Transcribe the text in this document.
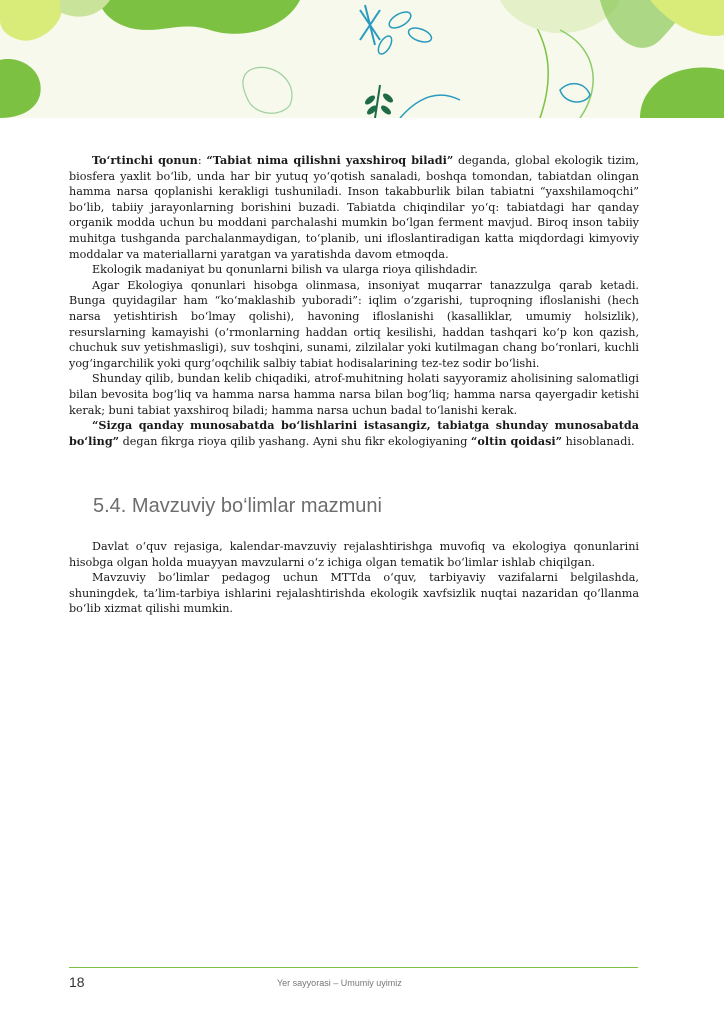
To‘rtinchi qonun: “Tabiat nima qilishni yaxshiroq biladi” deganda, global ekologik tizim, biosfera yaxlit bo‘lib, unda har bir yutuq yo‘qotish sanaladi, boshqa tomondan, tabiatdan olingan hamma narsa qoplanishi kerakligi tushuniladi. Inson takabburlik bilan tabiatni “yaxshilamoqchi” bo‘lib, tabiiy jarayonlarning borishini buzadi. Tabiatda chiqindilar yo‘q: tabiatdagi har qanday organik modda uchun bu moddani parchalashi mumkin bo‘lgan ferment mavjud. Biroq inson tabiiy muhitga tushganda parchalanmaydigan, to‘planib, uni ifloslantiradigan katta miqdordagi kimyoviy moddalar va materiallarni yaratgan va yaratishda davom etmoqda.

Ekologik madaniyat bu qonunlarni bilish va ularga rioya qilishdadir.

Agar Ekologiya qonunlari hisobga olinmasa, insoniyat muqarrar tanazzulga qarab ketadi. Bunga quyidagilar ham “ko‘maklashib yuboradi”: iqlim o‘zgarishi, tuproqning ifloslanishi (hech narsa yetishtirish bo‘lmay qolishi), havoning ifloslanishi (kasalliklar, umumiy holsizlik), resurslarning kamayishi (o‘rmonlarning haddan ortiq kesilishi, haddan tashqari ko‘p kon qazish, chuchuk suv yetishmasligi), suv toshqini, sunami, zilzilalar yoki kutilmagan chang bo‘ronlari, kuchli yog‘ingarchilik yoki qurg‘oqchilik salbiy tabiat hodisalarining tez-tez sodir bo‘lishi.

Shunday qilib, bundan kelib chiqadiki, atrof-muhitning holati sayyoramiz aholisining salomatligi bilan bevosita bog‘liq va hamma narsa hamma narsa bilan bog‘liq; hamma narsa qayergadir ketishi kerak; buni tabiat yaxshiroq biladi; hamma narsa uchun badal to‘lanishi kerak.

“Sizga qanday munosabatda bo‘lishlarini istasangiz, tabiatga shunday munosabatda bo‘ling” degan fikrga rioya qilib yashang. Ayni shu fikr ekologiyaning “oltin qoidasi” hisoblanadi.

5.4. Mavzuviy bo‘limlar mazmuni

Davlat o‘quv rejasiga, kalendar-mavzuviy rejalashtirishga muvofiq va ekologiya qonunlarini hisobga olgan holda muayyan mavzularni o‘z ichiga olgan tematik bo‘limlar ishlab chiqilgan.

Mavzuviy bo‘limlar pedagog uchun MTTda o‘quv, tarbiyaviy vazifalarni belgilashda, shuningdek, ta’lim-tarbiya ishlarini rejalashtirishda ekologik xavfsizlik nuqtai nazaridan qo‘llanma bo‘lib xizmat qilishi mumkin.

18	Yer sayyorasi – Umumiy uyimiz
